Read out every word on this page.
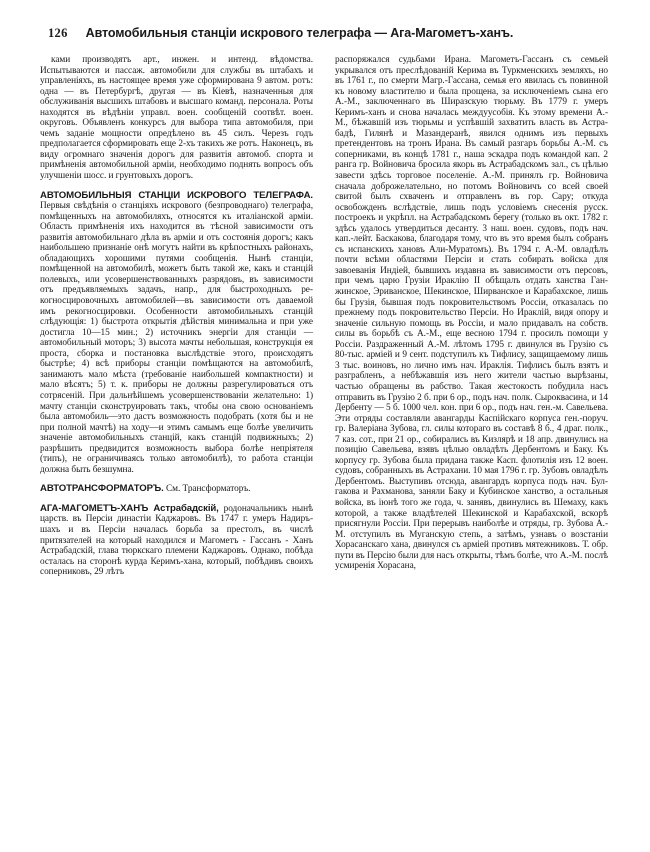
126 Автомобильныя станціи искрового телеграфа — Ага-Магометъ-ханъ.

ками производятъ арт., инжен. и интенд. вѣдомства. Испытываются и пассаж. автомобили для службы въ штабахъ и управленіяхъ, въ настоящее время уже сформирована 9 автом. ротъ: одна — въ Петербургѣ, другая — въ Кіевѣ, назначенныя для обслуживанія высшихъ штабовъ и высшаго команд. персонала. Роты находятся въ вѣдѣніи управл. воен. сообщеній соотвѣт. воен. округовъ. Объявленъ конкурсъ для выбора типа автомобиля, при чемъ заданіе мощности опредѣлено въ 45 силъ. Черезъ годъ предполагается сформировать еще 2-хъ такихъ же ротъ. Наконецъ, въ виду огромнаго значенія дорогъ для развитія автомоб. спорта и примѣненія автомобильной арміи, необходимо поднять вопросъ объ улучшеніи шосс. и грунтовыхъ дорогъ.

АВТОМОБИЛЬНЫЯ СТАНЦIИ ИСКРОВОГО ТЕЛЕГРАФА. Первыя свѣдѣнія о станціяхъ искрового (безпроводнаго) телеграфа, помѣщенныхъ на автомобиляхъ, относятся къ италiанской арміи. Область примѣненія ихъ находится въ тѣсной зависимости отъ развитія автомобильнаго дѣла въ арміи и отъ состоянія дорогъ; какъ наибольшею признаніе онѣ могутъ найти въ крѣпостныхъ районахъ, обладающихъ хорошими путями сообщенія. Нынѣ станціи, помѣщенной на автомобилѣ, можетъ быть такой же, какъ и станцій полевыхъ, или усовершенствованныхъ разрядовъ, въ зависимости отъ предъявляемыхъ задачъ, напр., для быстроходныхъ рекогносцировочныхъ автомобилей—въ зависимости отъ даваемой имъ рекогносцировки. Особенности автомобильныхъ станцій слѣдующія: 1) быстрота открытія дѣйствія минимальна и при уже достигла 10—15 мин.; 2) источникъ энергіи для станціи — автомобильный моторъ; 3) высота мачты небольшая, конструкція ея проста, сборка и постановка выслѣдствіе этого, происходятъ быстрѣе; 4) всѣ приборы станціи помѣщаются на автомобилѣ, занимаютъ мало мѣста (требованіе наибольшей компактности) и мало вѣсятъ; 5) т. к. приборы не должны разрегулироваться отъ сотрясеній. При дальнѣйшемъ усовершенствованіи желательно: 1) мачту станціи сконструировать такъ, чтобы она свою основаніемъ была автомобиль—это дастъ возможность подобрать (хотя бы и не при полной мачтѣ) на ходу—и этимъ самымъ еще болѣе увеличить значеніе автомобильныхъ станцій, какъ станцій подвижныхъ; 2) разрѣшить предвидится возможность выбора болѣе непріятеля (типъ), не ограничиваясь только автомобилѣ), то работа станціи должна быть безшумна.

АВТОТРАНСФОРМАТОРЪ. См. Трансформаторъ.

АГА-МАГОМЕТЪ-ХАНЪ Астрабадскій, родоначальникъ нынѣ царств. въ Персіи династіи Каджаровъ. Въ 1747 г. умеръ Надиръ-шахъ и въ Персіи началась борьба за престолъ, въ числѣ притязателей на который находился и Магометъ - Гассанъ - Ханъ Астрабадскій, глава тюркскаго племени Каджаровъ. Однако, побѣда осталась на сторонѣ курда Керимъ-хана, который, побѣдивъ своихъ соперниковъ, 29 лѣтъ

распоряжался судьбами Ирана. Магометъ-Гассанъ съ семьей укрывался отъ преслѣдованій Керима въ Туркменскихъ земляхъ, но въ 1761 г., по смерти Магр.-Гассана, семья его явилась съ повинной къ новому властителю и была прощена, за исключеніемъ сына его А.-М., заключеннаго въ Ширазскую тюрьму. Въ 1779 г. умеръ Керимъ-ханъ и снова началась междуусобія. Къ этому времени А.-М., бѣжавшій изъ тюрьмы и успѣвшій захватить власть въ Астрабадѣ, Гилянѣ и Мазандеранѣ, явился однимъ изъ первыхъ претендентовъ на тронъ Ирана. Въ самый разгаръ борьбы А.-М. съ соперниками, въ концѣ 1781 г., наша эскадра подъ командой кап. 2 ранга гр. Войновича бросила якорь въ Астрабадскомъ зал., съ цѣлью завести здѣсь торговое поселеніе. А.-М. принялъ гр. Войновича сначала доброжелательно, но потомъ Войновичъ со всей своей свитой былъ схваченъ и отправленъ въ гор. Сару; откуда освобожденъ вслѣдствіе, лишь подъ условіемъ снесенія русск. построекъ и укрѣпл. на Астрабадскомъ берегу (только въ окт. 1782 г. здѣсь удалось утвердиться десанту. 3 наш. воен. судовъ, подъ нач. кап.-лейт. Баскакова, благодаря тому, что въ это время былъ собранъ съ испанскихъ хановъ Али-Муратомъ). Въ 1794 г. А.-М. овладѣлъ почти всѣми областями Персіи и стать собирать войска для завоеванія Индіей, бывшихъ издавна въ зависимости отъ персовъ, при чемъ царю Грузіи Ираклію II обѣщалъ отдать ханства Ганжинское, Эриванское, Шекинское, Ширванское и Карабахское, лишь бы Грузія, бывшая подъ покровительствомъ Россіи, отказалась по прежнему подъ покровительство Персіи. Но Ираклій, видя опору и значеніе сильную помощь въ Россіи, и мало придавалъ на собств. силы въ борьбѣ съ А.-М., еще весною 1794 г. просилъ помощи у Россіи. Раздраженный А.-М. лѣтомъ 1795 г. двинулся въ Грузію съ 80-тыс. арміей и 9 сент. подступилъ къ Тифлису, защищаемому лишь 3 тыс. воиновъ, но лично имъ нач. Ираклія. Тифлисъ былъ взятъ и разграбленъ, а небѣжавшія изъ него жители частью вырѣзаны, частью обращены въ рабство. Такая жестокость побудила насъ отправить въ Грузію 2 б. при 6 ор., подъ нач. полк. Сыроквасина, и 14 Дербенту — 5 б. 1000 чел. кон. при 6 ор., подъ нач. ген.-м. Савельева. Эти отряды составляли авангарды Каспійскаго корпуса ген.-поруч. гр. Валеріана Зубова, гл. силы котораго въ составѣ 8 б., 4 драг. полк., 7 каз. сот., при 21 ор., собирались въ Кизлярѣ и 18 апр. двинулись на позицію Савельева, взявъ цѣлью овладѣть Дербентомъ и Баку. Къ корпусу гр. Зубова была придана также Касп. флотилія изъ 12 воен. судовъ, собранныхъ въ Астрахани. 10 мая 1796 г. гр. Зубовъ овладѣлъ Дербентомъ. Выступивъ отсюда, авангардъ корпуса подъ нач. Булгакова и Рахманова, заняли Баку и Кубинское ханство, а остальныя войска, въ іюнѣ того же года, ч. занявъ, двинулись въ Шемаху, какъ которой, а также владѣтелей Шекинской и Карабахской, вскорѣ присягнули Россіи. При перерывъ наиболѣе и отряды, гр. Зубова А.-М. отступилъ въ Муганскую степь, а затѣмъ, узнавъ о возстаніи Хорасанскаго хана, двинулся съ арміей противъ мятежниковъ. Т. обр. пути въ Персію были для насъ открыты, тѣмъ болѣе, что А.-М. послѣ усмиренія Хорасана,
